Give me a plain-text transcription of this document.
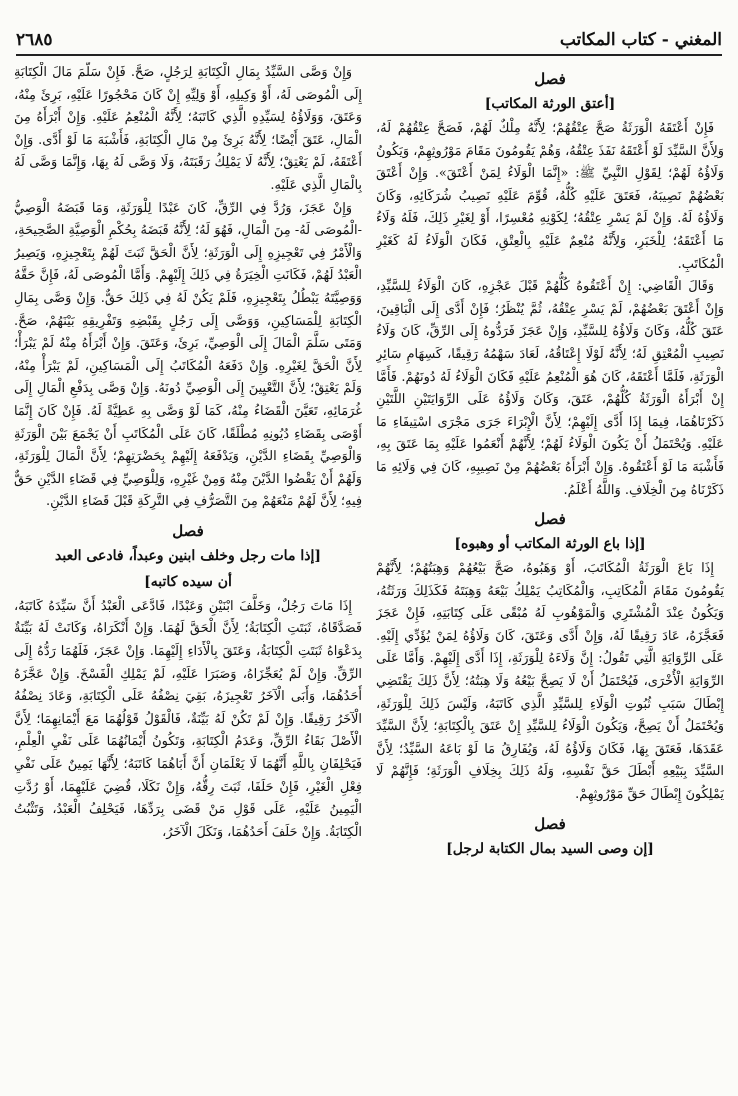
المغني - كتاب المكاتب
٢٦٨٥
فصل
[أعتق الورثة المكاتب]

فَإِنْ أَعْتَقَهُ الْوَرَثَةُ صَحَّ عِتْقُهُمْ؛ لِأَنَّهُ مِلْكٌ لَهُمْ، فَصَحَّ عِتْقُهُمْ لَهُ، وَلِأَنَّ السَّيِّدَ لَوْ أَعْتَقَهُ نَفَذَ عِتْقُهُ، وَهُمْ يَقُومُونَ مَقَامَ مَوْرُوثِهِمْ، وَيَكُونُ وَلَاؤُهُ لَهُمْ؛ لِقَوْلِ النَّبِيِّ ﷺ: «إِنَّمَا الْوَلَاءُ لِمَنْ أَعْتَقَ». وَإِنْ أَعْتَقَ بَعْضُهُمْ نَصِيبَهُ، فَعَتَقَ عَلَيْهِ كُلُّهُ، قُوِّمَ عَلَيْهِ نَصِيبُ شُرَكَائِهِ، وَكَانَ وَلَاؤُهُ لَهُ. وَإِنْ لَمْ يَسْرِ عِتْقُهُ؛ لِكَوْنِهِ مُعْسِرًا، أَوْ لِغَيْرِ ذَلِكَ، فَلَهُ وَلَاءُ مَا أَعْتَقَهُ؛ لِلْخَبَرِ، وَلِأَنَّهُ مُنْعِمٌ عَلَيْهِ بِالْعِتْقِ، فَكَانَ الْوَلَاءُ لَهُ كَغَيْرِ الْمُكَاتَبِ.

وَقَالَ الْقَاضِي: إِنْ أَعْتَقُوهُ كُلُّهُمْ قَبْلَ عَجْزِهِ، كَانَ الْوَلَاءُ لِلسَّيِّدِ، وَإِنْ أَعْتَقَ بَعْضُهُمْ، لَمْ يَسْرِ عِتْقُهُ، ثُمَّ يُنْظَرُ؛ فَإِنْ أَدَّى إِلَى الْبَاقِينَ، عَتَقَ كُلُّهُ، وَكَانَ وَلَاؤُهُ لِلسَّيِّدِ، وَإِنْ عَجَزَ فَرَدُّوهُ إِلَى الرِّقِّ، كَانَ وَلَاءُ نَصِيبِ الْمُعْتِقِ لَهُ؛ لِأَنَّهُ لَوْلَا إِعْتَاقُهُ، لَعَادَ سَهْمُهُ رَقِيقًا، كَسِهَامِ سَائِرِ الْوَرَثَةِ، فَلَمَّا أَعْتَقَهُ، كَانَ هُوَ الْمُنْعِمُ عَلَيْهِ فَكَانَ الْوَلَاءُ لَهُ دُونَهُمْ. فَأَمَّا إِنْ أَبْرَأَهُ الْوَرَثَةُ كُلُّهُمْ، عَتَقَ، وَكَانَ وَلَاؤُهُ عَلَى الرِّوَايَتَيْنِ اللَّتَيْنِ ذَكَرْنَاهُمَا، فِيمَا إِذَا أَدَّى إِلَيْهِمْ؛ لِأَنَّ الْإِبْرَاءَ جَرَى مَجْرَى اسْتِيفَاءِ مَا عَلَيْهِ. وَيُحْتَمَلُ أَنْ يَكُونَ الْوَلَاءُ لَهُمْ؛ لِأَنَّهُمْ أَنْعَمُوا عَلَيْهِ بِمَا عَتَقَ بِهِ، فَأَشْبَهَ مَا لَوْ أَعْتَقُوهُ. وَإِنْ أَبْرَأَهُ بَعْضُهُمْ مِنْ نَصِيبِهِ، كَانَ فِي وَلَائِهِ مَا ذَكَرْنَاهُ مِنَ الْخِلَافِ. وَاللَّهُ أَعْلَمُ.

فصل
[إذا باع الورثة المكاتب أو وهبوه]

إِذَا بَاعَ الْوَرَثَةُ الْمُكَاتَبَ، أَوْ وَهَبُوهُ، صَحَّ بَيْعُهُمْ وَهِبَتُهُمْ؛ لِأَنَّهُمْ يَقُومُونَ مَقَامَ الْمُكَاتِبِ، وَالْمُكَاتِبُ يَمْلِكُ بَيْعَهُ وَهِبَتَهُ فَكَذَلِكَ وَرَثَتُهُ، وَيَكُونُ عِنْدَ الْمُشْتَرِي وَالْمَوْهُوبِ لَهُ مُبْقًى عَلَى كِتَابَتِهِ، فَإِنْ عَجَزَ فَعَجَّزَهُ، عَادَ رَقِيقًا لَهُ، وَإِنْ أَدَّى وَعَتَقَ، كَانَ وَلَاؤُهُ لِمَنْ يُؤَدِّي إِلَيْهِ. عَلَى الرِّوَايَةِ الَّتِي تَقُولُ: إِنَّ وَلَاءَهُ لِلْوَرَثَةِ، إِذَا أَدَّى إِلَيْهِمْ. وَأَمَّا عَلَى الرِّوَايَةِ الْأُخْرَى، فَيُحْتَمَلُ أَنْ لَا يَصِحَّ بَيْعُهُ وَلَا هِبَتُهُ؛ لِأَنَّ ذَلِكَ يَقْتَضِي إِبْطَالَ سَبَبِ ثُبُوتِ الْوَلَاءِ لِلسَّيِّدِ الَّذِي كَاتَبَهُ، وَلَيْسَ ذَلِكَ لِلْوَرَثَةِ، وَيُحْتَمَلُ أَنْ يَصِحَّ، وَيَكُونَ الْوَلَاءُ لِلسَّيِّدِ إِنْ عَتَقَ بِالْكِتَابَةِ؛ لِأَنَّ السَّيِّدَ عَقَدَهَا، فَعَتَقَ بِهَا، فَكَانَ وَلَاؤُهُ لَهُ، وَيُفَارِقُ مَا لَوْ بَاعَهُ السَّيِّدُ؛ لِأَنَّ السَّيِّدَ بِبَيْعِهِ أَبْطَلَ حَقَّ نَفْسِهِ، وَلَهُ ذَلِكَ بِخِلَافِ الْوَرَثَةِ؛ فَإِنَّهُمْ لَا يَمْلِكُونَ إِبْطَالَ حَقِّ مَوْرُوثِهِمْ.

فصل
[إن وصى السيد بمال الكتابة لرجل]

وَإِنْ وَصَّى السَّيِّدُ بِمَالِ الْكِتَابَةِ لِرَجُلٍ، صَحَّ. فَإِنْ سَلَّمَ مَالَ الْكِتَابَةِ إِلَى الْمُوصَى لَهُ، أَوْ وَكِيلِهِ، أَوْ وَلِيِّهِ إِنْ كَانَ مَحْجُورًا عَلَيْهِ، بَرِئَ مِنْهُ، وَعَتَقَ، وَوَلَاؤُهُ لِسَيِّدِهِ الَّذِي كَاتَبَهُ؛ لِأَنَّهُ الْمُنْعِمُ عَلَيْهِ. وَإِنْ أَبْرَأَهُ مِنَ الْمَالِ، عَتَقَ أَيْضًا؛ لِأَنَّهُ بَرِئَ مِنْ مَالِ الْكِتَابَةِ، فَأَشْبَهَ مَا لَوْ أَدَّى. وَإِنْ أَعْتَقَهُ، لَمْ يَعْتِقْ؛ لِأَنَّهُ لَا يَمْلِكُ رَقَبَتَهُ، وَلَا وَصَّى لَهُ بِهَا، وَإِنَّمَا وَصَّى لَهُ بِالْمَالِ الَّذِي عَلَيْهِ.

وَإِنْ عَجَزَ، وَرُدَّ فِي الرِّقِّ، كَانَ عَبْدًا لِلْوَرَثَةِ، وَمَا قَبَضَهُ الْوَصِيُّ -الْمُوصَى لَهُ- مِنَ الْمَالِ، فَهُوَ لَهُ؛ لِأَنَّهُ قَبَضَهُ بِحُكْمِ الْوَصِيَّةِ الصَّحِيحَةِ، وَالْأَمْرُ فِي تَعْجِيزِهِ إِلَى الْوَرَثَةِ؛ لِأَنَّ الْحَقَّ ثَبَتَ لَهُمْ بِتَعْجِيزِهِ، وَيَصِيرُ الْعَبْدُ لَهُمْ، فَكَانَتِ الْخِيَرَةُ فِي ذَلِكَ إِلَيْهِمْ. وَأَمَّا الْمُوصَى لَهُ، فَإِنَّ حَقَّهُ وَوَصِيَّتَهُ يَبْطُلُ بِتَعْجِيزِهِ، فَلَمْ يَكُنْ لَهُ فِي ذَلِكَ حَقٌّ. وَإِنْ وَصَّى بِمَالِ الْكِتَابَةِ لِلْمَسَاكِينِ، وَوَصَّى إِلَى رَجُلٍ بِقَبْضِهِ وَتَفْرِيقِهِ بَيْنَهُمْ، صَحَّ. وَمَتَى سَلَّمَ الْمَالَ إِلَى الْوَصِيِّ، بَرِئَ، وَعَتَقَ. وَإِنْ أَبْرَأَهُ مِنْهُ لَمْ يَبْرَأْ؛ لِأَنَّ الْحَقَّ لِغَيْرِهِ. وَإِنْ دَفَعَهُ الْمُكَاتَبُ إِلَى الْمَسَاكِينِ، لَمْ يَبْرَأْ مِنْهُ، وَلَمْ يَعْتِقْ؛ لِأَنَّ التَّعْيِينَ إِلَى الْوَصِيِّ دُونَهُ. وَإِنْ وَصَّى بِدَفْعِ الْمَالِ إِلَى غُرَمَائِهِ، تَعَيَّنَ الْقَضَاءُ مِنْهُ، كَمَا لَوْ وَصَّى بِهِ عَطِيَّةً لَهُ. فَإِنْ كَانَ إِنَّمَا أَوْصَى بِقَضَاءِ دُيُونِهِ مُطْلَقًا، كَانَ عَلَى الْمُكَاتَبِ أَنْ يَجْمَعَ بَيْنَ الْوَرَثَةِ وَالْوَصِيِّ بِقَضَاءِ الدَّيْنِ، وَيَدْفَعَهُ إِلَيْهِمْ بِحَضْرَتِهِمْ؛ لِأَنَّ الْمَالَ لِلْوَرَثَةِ، وَلَهُمْ أَنْ يَقْضُوا الدَّيْنَ مِنْهُ وَمِنْ غَيْرِهِ، وَلِلْوَصِيِّ فِي قَضَاءِ الدَّيْنِ حَقٌّ فِيهِ؛ لِأَنَّ لَهُمْ مَنْعَهُمْ مِنَ التَّصَرُّفِ فِي التَّرِكَةِ قَبْلَ قَضَاءِ الدَّيْنِ.

فصل
[إذا مات رجل وخلف ابنين وعبداً، فادعى العبد
أن سيده كاتبه]

إِذَا مَاتَ رَجُلٌ، وَخَلَّفَ ابْنَيْنِ وَعَبْدًا، فَادَّعَى الْعَبْدُ أَنَّ سَيِّدَهُ كَاتَبَهُ، فَصَدَّقَاهُ، ثَبَتَتِ الْكِتَابَةُ؛ لِأَنَّ الْحَقَّ لَهُمَا. وَإِنْ أَنْكَرَاهُ، وَكَانَتْ لَهُ بَيِّنَةٌ بِدَعْوَاهُ ثَبَتَتِ الْكِتَابَةُ، وَعَتَقَ بِالْأَدَاءِ إِلَيْهِمَا. وَإِنْ عَجَزَ، فَلَهُمَا رَدُّهُ إِلَى الرِّقِّ. وَإِنْ لَمْ يُعَجِّزَاهُ، وَصَبَرَا عَلَيْهِ، لَمْ يَمْلِكِ الْفَسْخَ. وَإِنْ عَجَّزَهُ أَحَدُهُمَا، وَأَبَى الْآخَرُ تَعْجِيزَهُ، بَقِيَ نِصْفُهُ عَلَى الْكِتَابَةِ، وَعَادَ نِصْفُهُ الْآخَرُ رَقِيقًا. وَإِنْ لَمْ تَكُنْ لَهُ بَيِّنَةٌ، فَالْقَوْلُ قَوْلُهُمَا مَعَ أَيْمَانِهِمَا؛ لِأَنَّ الْأَصْلَ بَقَاءُ الرِّقِّ، وَعَدَمُ الْكِتَابَةِ، وَتَكُونُ أَيْمَانُهُمَا عَلَى نَفْيِ الْعِلْمِ، فَيَحْلِفَانِ بِاللَّهِ أَنَّهُمَا لَا يَعْلَمَانِ أَنَّ أَبَاهُمَا كَاتَبَهُ؛ لِأَنَّهَا يَمِينٌ عَلَى نَفْيِ فِعْلِ الْغَيْرِ، فَإِنْ حَلَفَا، ثَبَتَ رِقُّهُ، وَإِنْ نَكَلَا، قُضِيَ عَلَيْهِمَا، أَوْ رُدَّتِ الْيَمِينُ عَلَيْهِ، عَلَى قَوْلِ مَنْ قَضَى بِرَدِّهَا، فَيَحْلِفُ الْعَبْدُ، وَتَثْبُتُ الْكِتَابَةُ. وَإِنْ حَلَفَ أَحَدُهُمَا، وَنَكَلَ الْآخَرُ،
